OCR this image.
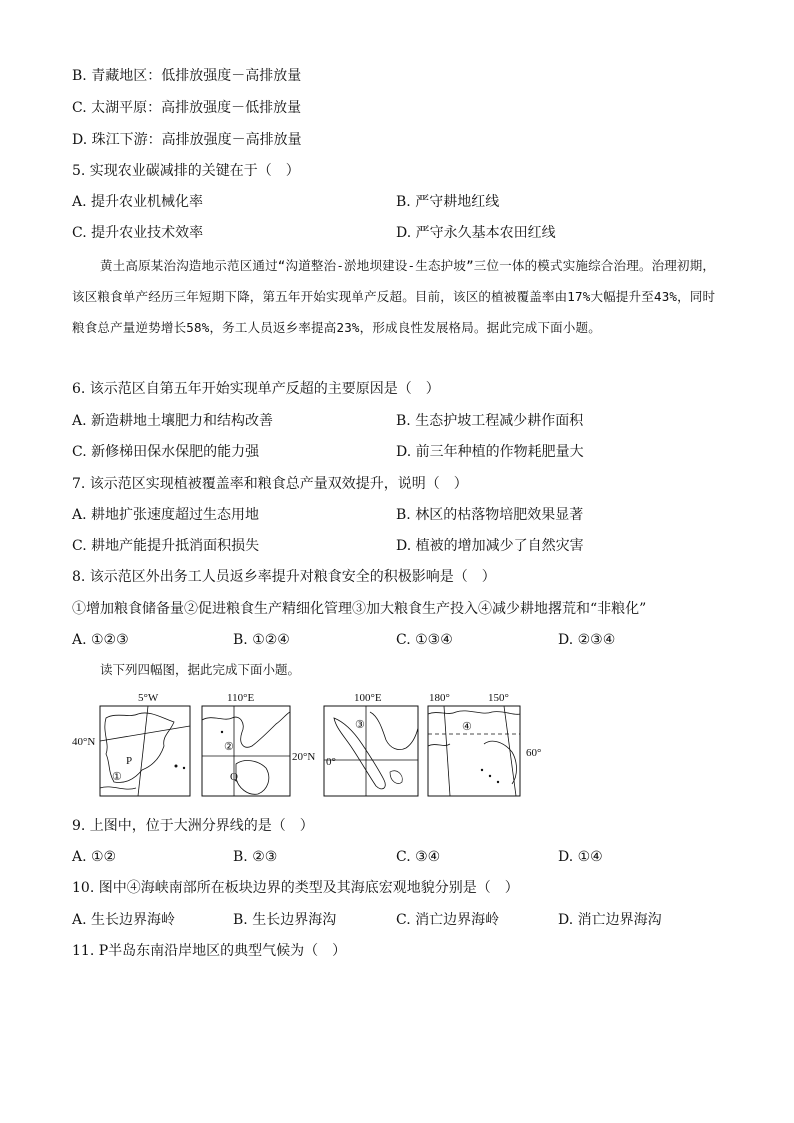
B. 青藏地区：低排放强度－高排放量
C. 太湖平原：高排放强度－低排放量
D. 珠江下游：高排放强度－高排放量
5. 实现农业碳减排的关键在于（　）
A. 提升农业机械化率	B. 严守耕地红线
C. 提升农业技术效率	D. 严守永久基本农田红线
黄土高原某治沟造地示范区通过“沟道整治-淤地坝建设-生态护坡”三位一体的模式实施综合治理。治理初期，该区粮食单产经历三年短期下降，第五年开始实现单产反超。目前，该区的植被覆盖率由17%大幅提升至43%，同时粮食总产量逆势增长58%，务工人员返乡率提高23%，形成良性发展格局。据此完成下面小题。
6. 该示范区自第五年开始实现单产反超的主要原因是（　）
A. 新造耕地土壤肥力和结构改善	B. 生态护坡工程减少耕作面积
C. 新修梯田保水保肥的能力强	D. 前三年种植的作物耗肥量大
7. 该示范区实现植被覆盖率和粮食总产量双效提升，说明（　）
A. 耕地扩张速度超过生态用地	B. 林区的枯落物培肥效果显著
C. 耕地产能提升抵消面积损失	D. 植被的增加减少了自然灾害
8. 该示范区外出务工人员返乡率提升对粮食安全的积极影响是（　）
①增加粮食储备量②促进粮食生产精细化管理③加大粮食生产投入④减少耕地撂荒和“非粮化”
A. ①②③	B. ①②④	C. ①③④	D. ②③④
读下列四幅图，据此完成下面小题。
5°W
40°N
P
①
110°E
20°N
②
Q
100°E
0°
③
180°	150°
60°
④
9. 上图中，位于大洲分界线的是（　）
A. ①②	B. ②③	C. ③④	D. ①④
10. 图中④海峡南部所在板块边界的类型及其海底宏观地貌分别是（　）
A. 生长边界海岭	B. 生长边界海沟	C. 消亡边界海岭	D. 消亡边界海沟
11. P半岛东南沿岸地区的典型气候为（　）
